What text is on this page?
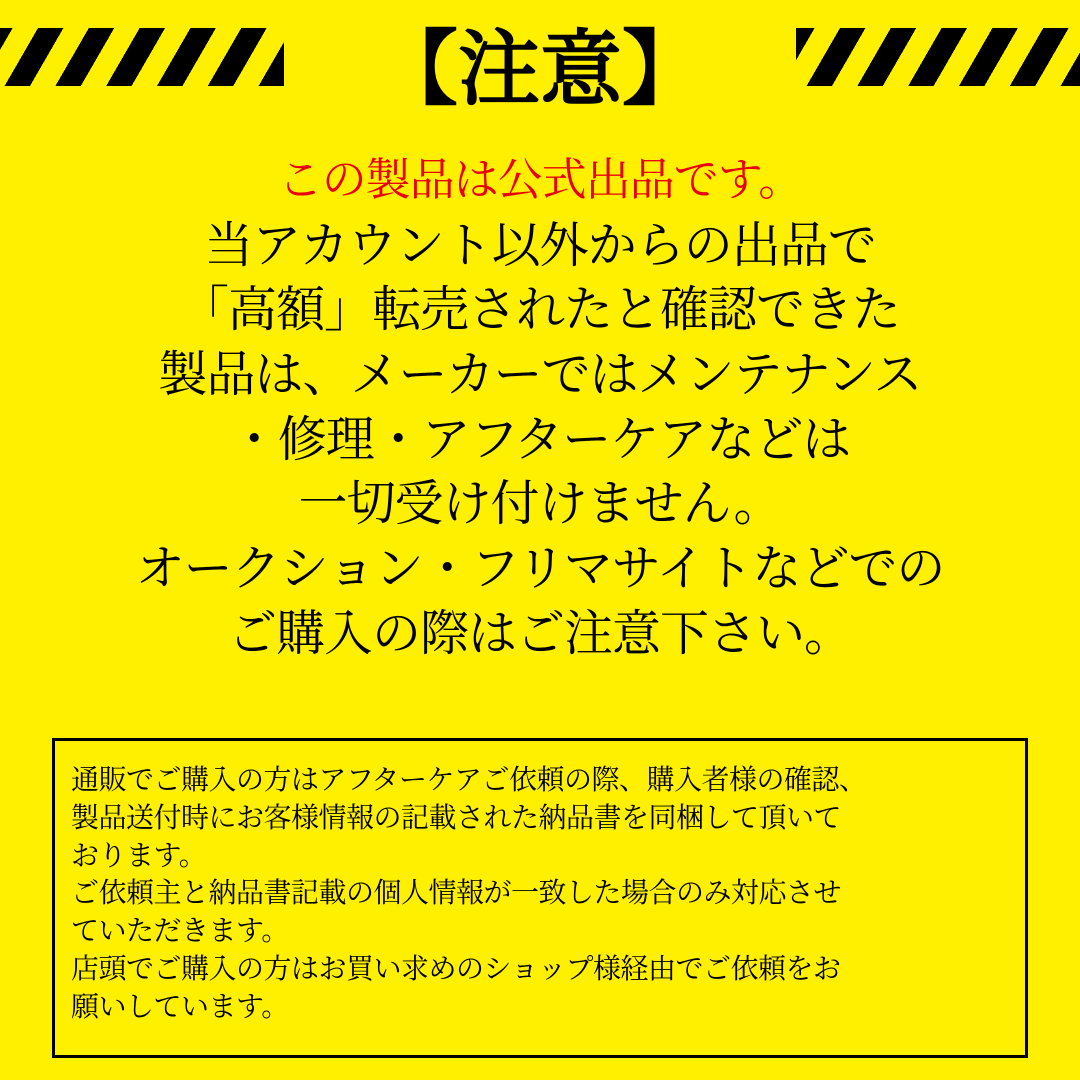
【注意】
この製品は公式出品です。
当アカウント以外からの出品で
「高額」転売されたと確認できた
製品は、メーカーではメンテナンス
・修理・アフターケアなどは
一切受け付けません。
オークション・フリマサイトなどでの
ご購入の際はご注意下さい。
通販でご購入の方はアフターケアご依頼の際、購入者様の確認、
製品送付時にお客様情報の記載された納品書を同梱して頂いて
おります。
ご依頼主と納品書記載の個人情報が一致した場合のみ対応させ
ていただきます。
店頭でご購入の方はお買い求めのショップ様経由でご依頼をお
願いしています。
